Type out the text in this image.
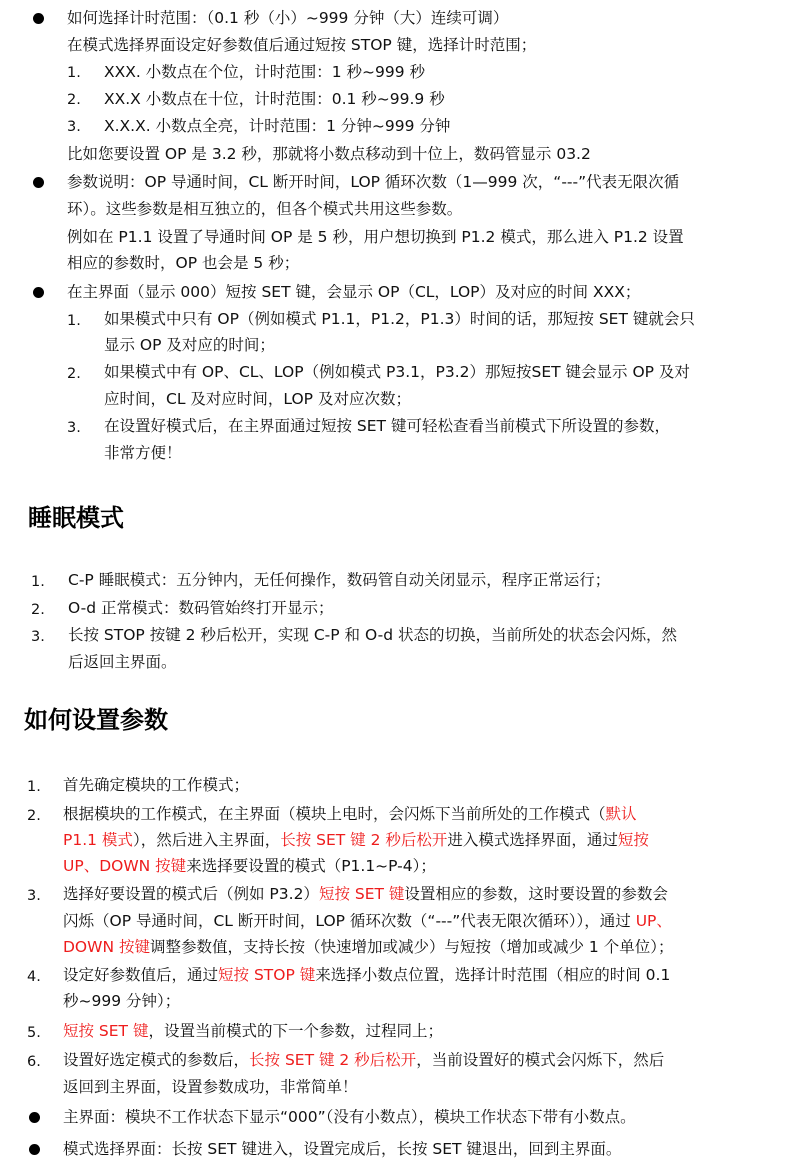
如何选择计时范围：（0.1 秒（小）~999 分钟（大）连续可调）
在模式选择界面设定好参数值后通过短按 STOP 键，选择计时范围；
1. XXX. 小数点在个位，计时范围：1 秒~999 秒
2. XX.X 小数点在十位，计时范围：0.1 秒~99.9 秒
3. X.X.X. 小数点全亮，计时范围：1 分钟~999 分钟
比如您要设置 OP 是 3.2 秒，那就将小数点移动到十位上，数码管显示 03.2
参数说明：OP 导通时间，CL 断开时间，LOP 循环次数（1—999 次，“---”代表无限次循
环）。这些参数是相互独立的，但各个模式共用这些参数。
例如在 P1.1 设置了导通时间 OP 是 5 秒，用户想切换到 P1.2 模式，那么进入 P1.2 设置
相应的参数时，OP 也会是 5 秒；
在主界面（显示 000）短按 SET 键，会显示 OP（CL，LOP）及对应的时间 XXX；
1. 如果模式中只有 OP（例如模式 P1.1，P1.2，P1.3）时间的话，那短按 SET 键就会只
显示 OP 及对应的时间；
2. 如果模式中有 OP、CL、LOP（例如模式 P3.1，P3.2）那短按SET 键会显示 OP 及对
应时间，CL 及对应时间，LOP 及对应次数；
3. 在设置好模式后，在主界面通过短按 SET 键可轻松查看当前模式下所设置的参数，
非常方便！
睡眠模式
1. C-P 睡眠模式：五分钟内，无任何操作，数码管自动关闭显示，程序正常运行；
2. O-d 正常模式：数码管始终打开显示；
3. 长按 STOP 按键 2 秒后松开，实现 C-P 和 O-d 状态的切换，当前所处的状态会闪烁，然
后返回主界面。
如何设置参数
1. 首先确定模块的工作模式；
2. 根据模块的工作模式，在主界面（模块上电时，会闪烁下当前所处的工作模式（默认
P1.1 模式），然后进入主界面，长按 SET 键 2 秒后松开进入模式选择界面，通过短按
UP、DOWN 按键来选择要设置的模式（P1.1~P-4）；
3. 选择好要设置的模式后（例如 P3.2）短按 SET 键设置相应的参数，这时要设置的参数会
闪烁（OP 导通时间，CL 断开时间，LOP 循环次数（“---”代表无限次循环）），通过 UP、
DOWN 按键调整参数值，支持长按（快速增加或减少）与短按（增加或减少 1 个单位）；
4. 设定好参数值后，通过短按 STOP 键来选择小数点位置，选择计时范围（相应的时间 0.1
秒~999 分钟）；
5. 短按 SET 键，设置当前模式的下一个参数，过程同上；
6. 设置好选定模式的参数后，长按 SET 键 2 秒后松开，当前设置好的模式会闪烁下，然后
返回到主界面，设置参数成功，非常简单！
主界面：模块不工作状态下显示“000”（没有小数点），模块工作状态下带有小数点。
模式选择界面：长按 SET 键进入，设置完成后，长按 SET 键退出，回到主界面。
